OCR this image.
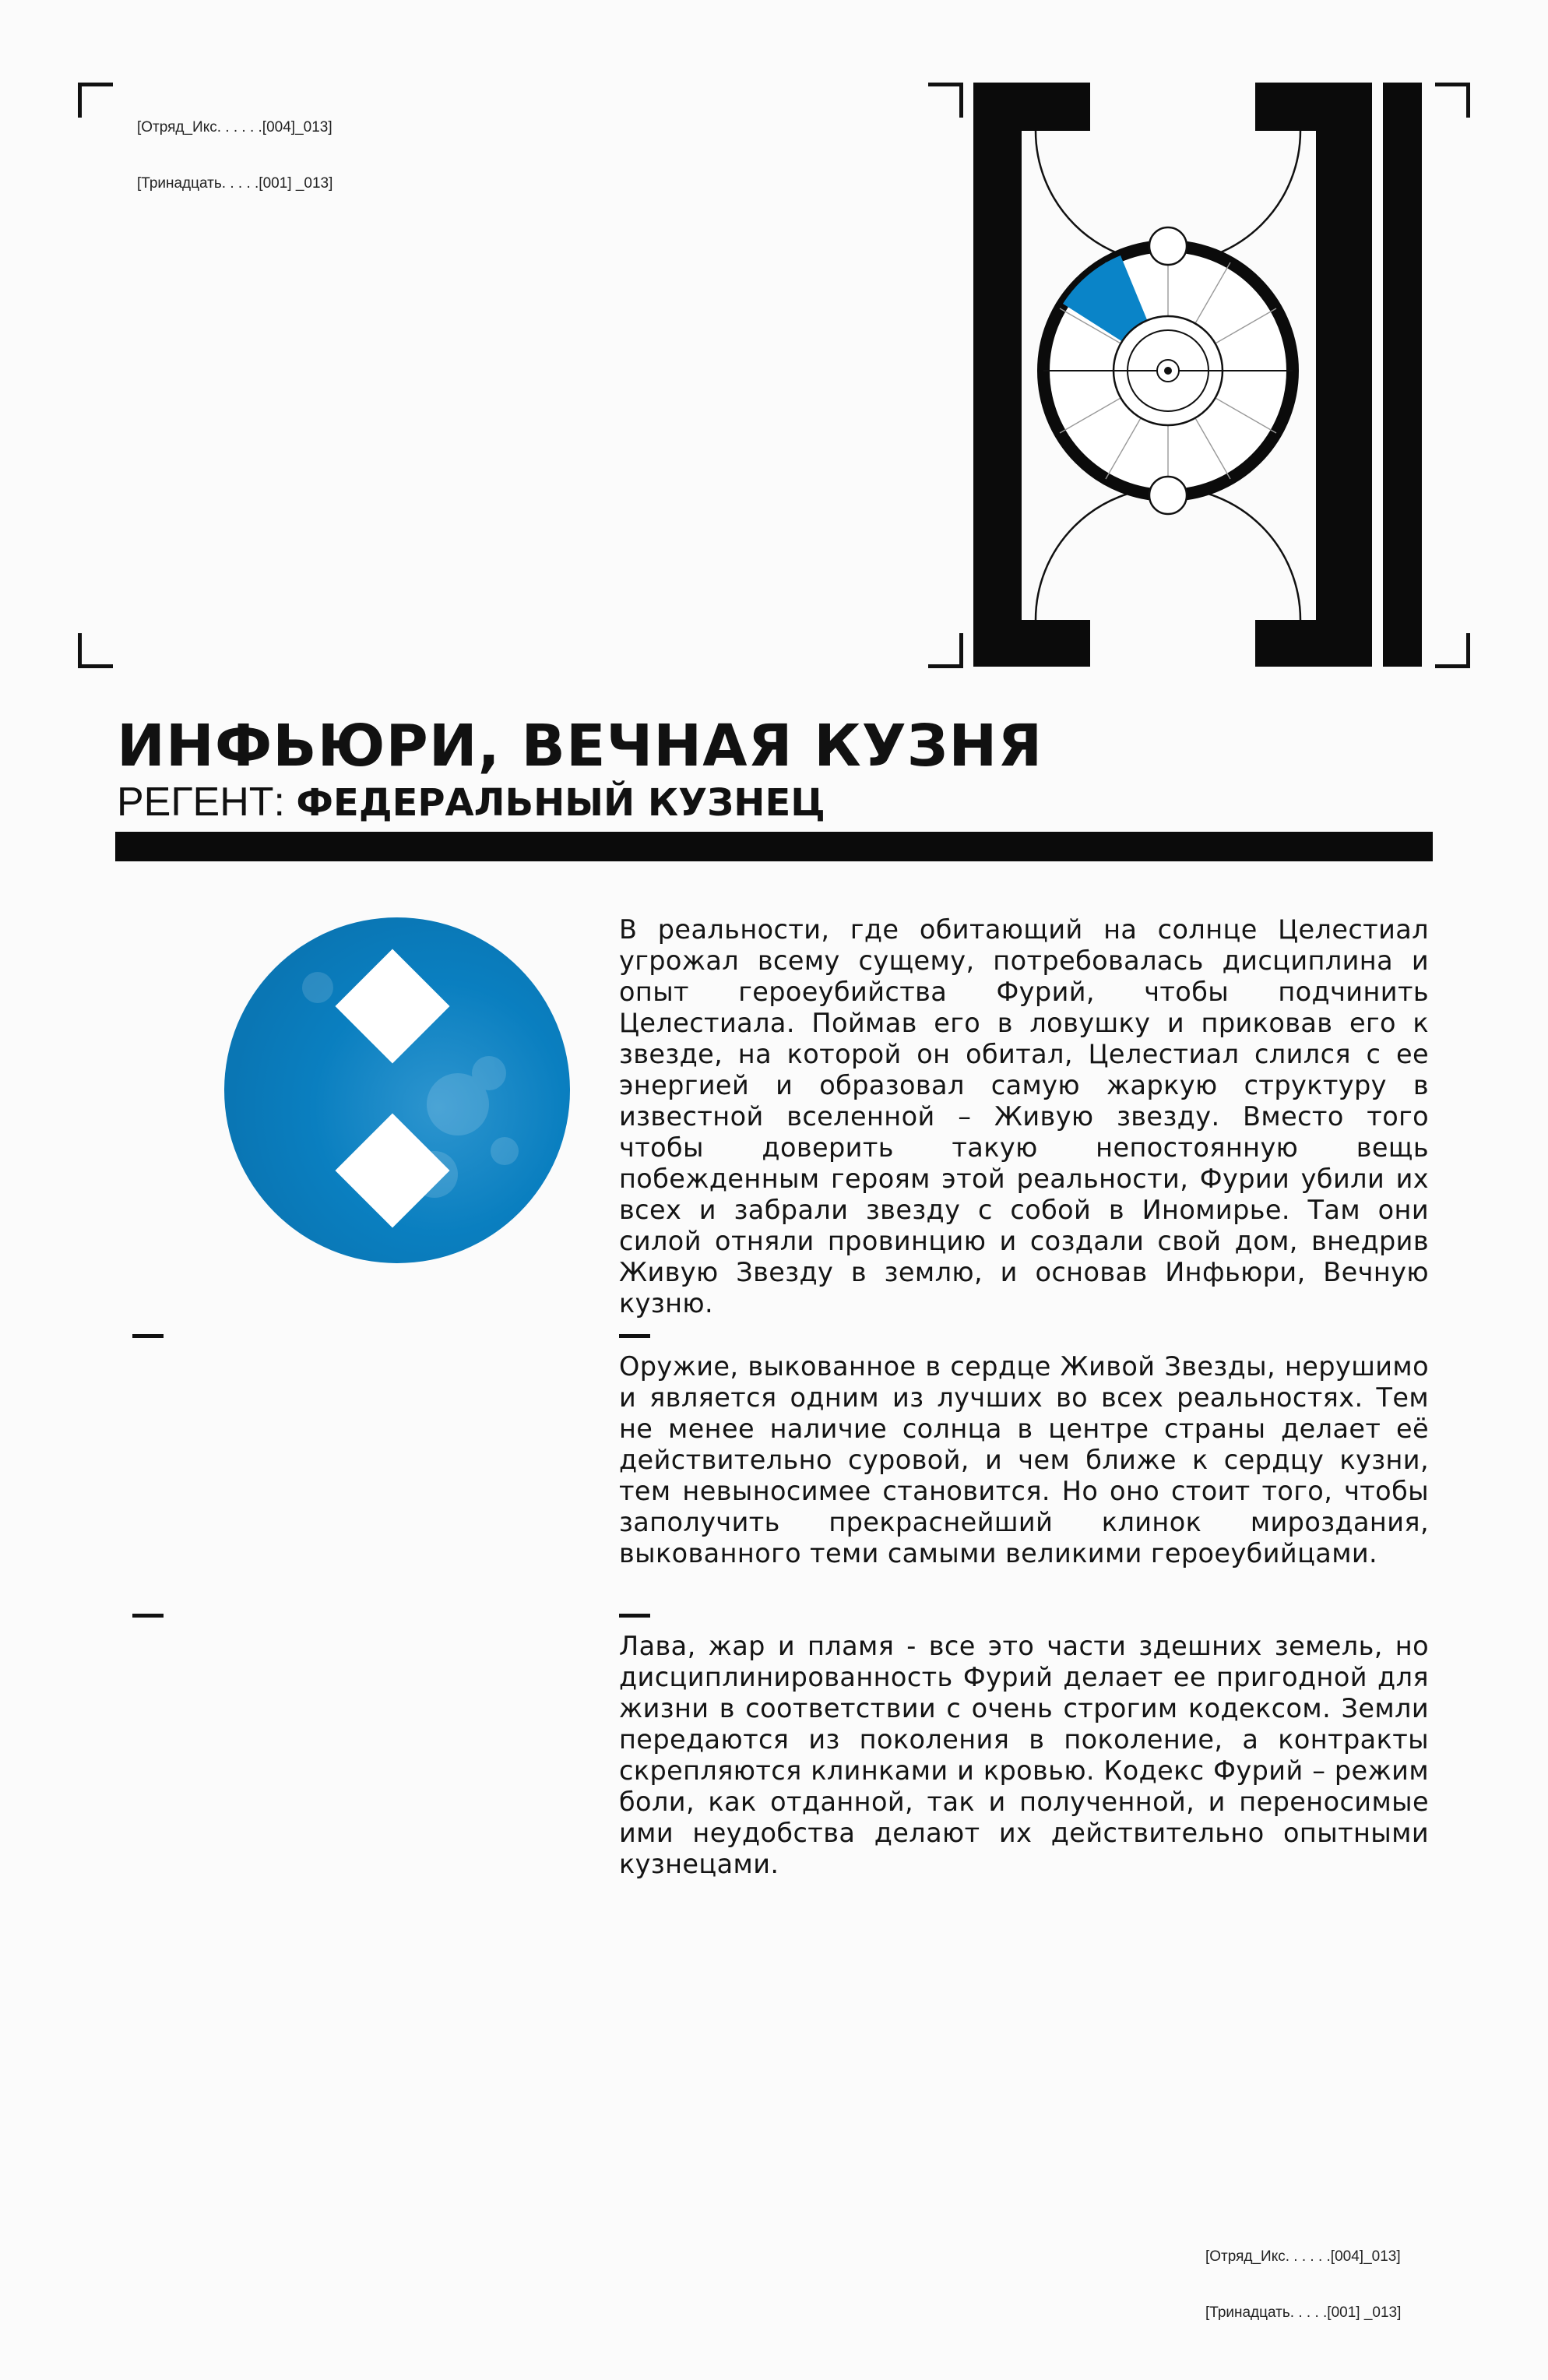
[Отряд_Икс. . . . . .[004]_013]

[Тринадцать. . . . .[001] _013]

ИНФЬЮРИ, ВЕЧНАЯ КУЗНЯ
РЕГЕНТ: ФЕДЕРАЛЬНЫЙ КУЗНЕЦ

В реальности, где обитающий на солнце Целестиал угрожал всему сущему, потребовалась дисциплина и опыт героеубийства Фурий, чтобы подчинить Целестиала. Поймав его в ловушку и приковав его к звезде, на которой он обитал, Целестиал слился с ее энергией и образовал самую жаркую структуру в известной вселенной – Живую звезду. Вместо того чтобы доверить такую непостоянную вещь побежденным героям этой реальности, Фурии убили их всех и забрали звезду с собой в Иномирье. Там они силой отняли провинцию и создали свой дом, внедрив Живую Звезду в землю, и основав Инфьюри, Вечную кузню.

Оружие, выкованное в сердце Живой Звезды, нерушимо и является одним из лучших во всех реальностях. Тем не менее наличие солнца в центре страны делает её действительно суровой, и чем ближе к сердцу кузни, тем невыносимее становится. Но оно стоит того, чтобы заполучить прекраснейший клинок мироздания, выкованного теми самыми великими героеубийцами.

Лава, жар и пламя - все это части здешних земель, но дисциплинированность Фурий делает ее пригодной для жизни в соответствии с очень строгим кодексом. Земли передаются из поколения в поколение, а контракты скрепляются клинками и кровью. Кодекс Фурий – режим боли, как отданной, так и полученной, и переносимые ими неудобства делают их действительно опытными кузнецами.

[Отряд_Икс. . . . . .[004]_013]

[Тринадцать. . . . .[001] _013]
